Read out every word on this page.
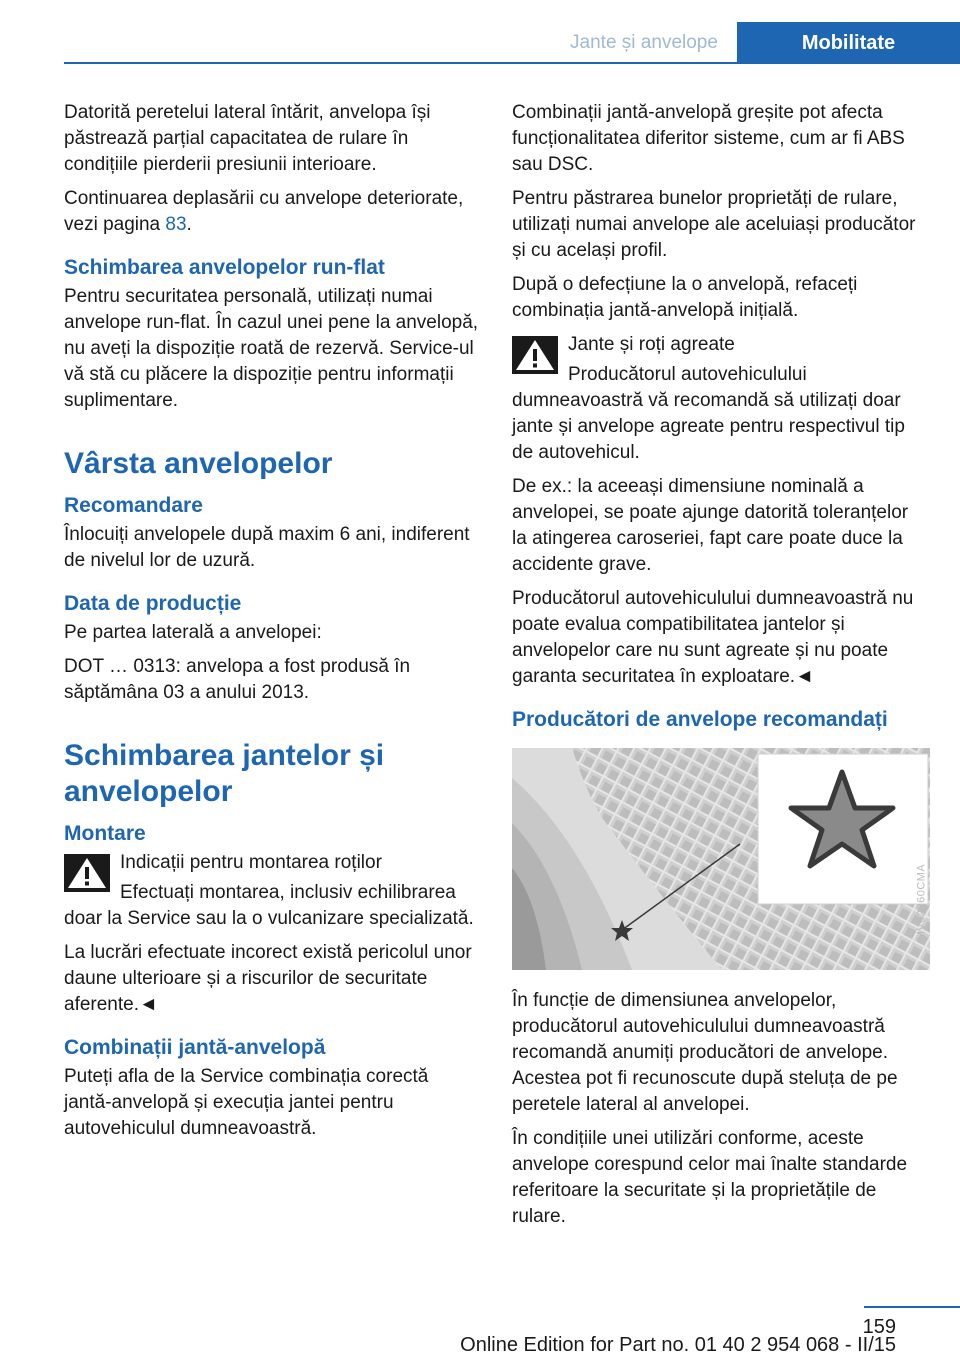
Jante și anvelope	Mobilitate

Datorită peretelui lateral întărit, anvelopa își păstrează parțial capacitatea de rulare în condițiile pierderii presiunii interioare.

Continuarea deplasării cu anvelope deteriorate, vezi pagina 83.

Schimbarea anvelopelor run-flat

Pentru securitatea personală, utilizați numai anvelope run-flat. În cazul unei pene la anvelopă, nu aveți la dispoziție roată de rezervă. Service-ul vă stă cu plăcere la dispoziție pentru informații suplimentare.

Vârsta anvelopelor
Recomandare

Înlocuiți anvelopele după maxim 6 ani, indiferent de nivelul lor de uzură.

Data de producție

Pe partea laterală a anvelopei:

DOT … 0313: anvelopa a fost produsă în săptămâna 03 a anului 2013.

Schimbarea jantelor și anvelopelor
Montare

Indicații pentru montarea roților

Efectuați montarea, inclusiv echilibrarea doar la Service sau la o vulcanizare specializată.

La lucrări efectuate incorect există pericolul unor daune ulterioare și a riscurilor de securitate aferente.◄

Combinații jantă-anvelopă

Puteți afla de la Service combinația corectă jantă-anvelopă și execuția jantei pentru autovehiculul dumneavoastră.

Combinații jantă-anvelopă greșite pot afecta funcționalitatea diferitor sisteme, cum ar fi ABS sau DSC.

Pentru păstrarea bunelor proprietăți de rulare, utilizați numai anvelope ale aceluiași producător și cu același profil.

După o defecțiune la o anvelopă, refaceți combinația jantă-anvelopă inițială.

Jante și roți agreate

Producătorul autovehiculului dumneavoastră vă recomandă să utilizați doar jante și anvelope agreate pentru respectivul tip de autovehicul.

De ex.: la aceeași dimensiune nominală a anvelopei, se poate ajunge datorită toleranțelor la atingerea caroseriei, fapt care poate duce la accidente grave.

Producătorul autovehiculului dumneavoastră nu poate evalua compatibilitatea jantelor și anvelopelor care nu sunt agreate și nu poate garanta securitatea în exploatare.◄

Producători de anvelope recomandați
MV02260CMA

În funcție de dimensiunea anvelopelor, producătorul autovehiculului dumneavoastră recomandă anumiți producători de anvelope. Acestea pot fi recunoscute după steluța de pe peretele lateral al anvelopei.

În condițiile unei utilizări conforme, aceste anvelope corespund celor mai înalte standarde referitoare la securitate și la proprietățile de rulare.

159
Online Edition for Part no. 01 40 2 954 068 - II/15
